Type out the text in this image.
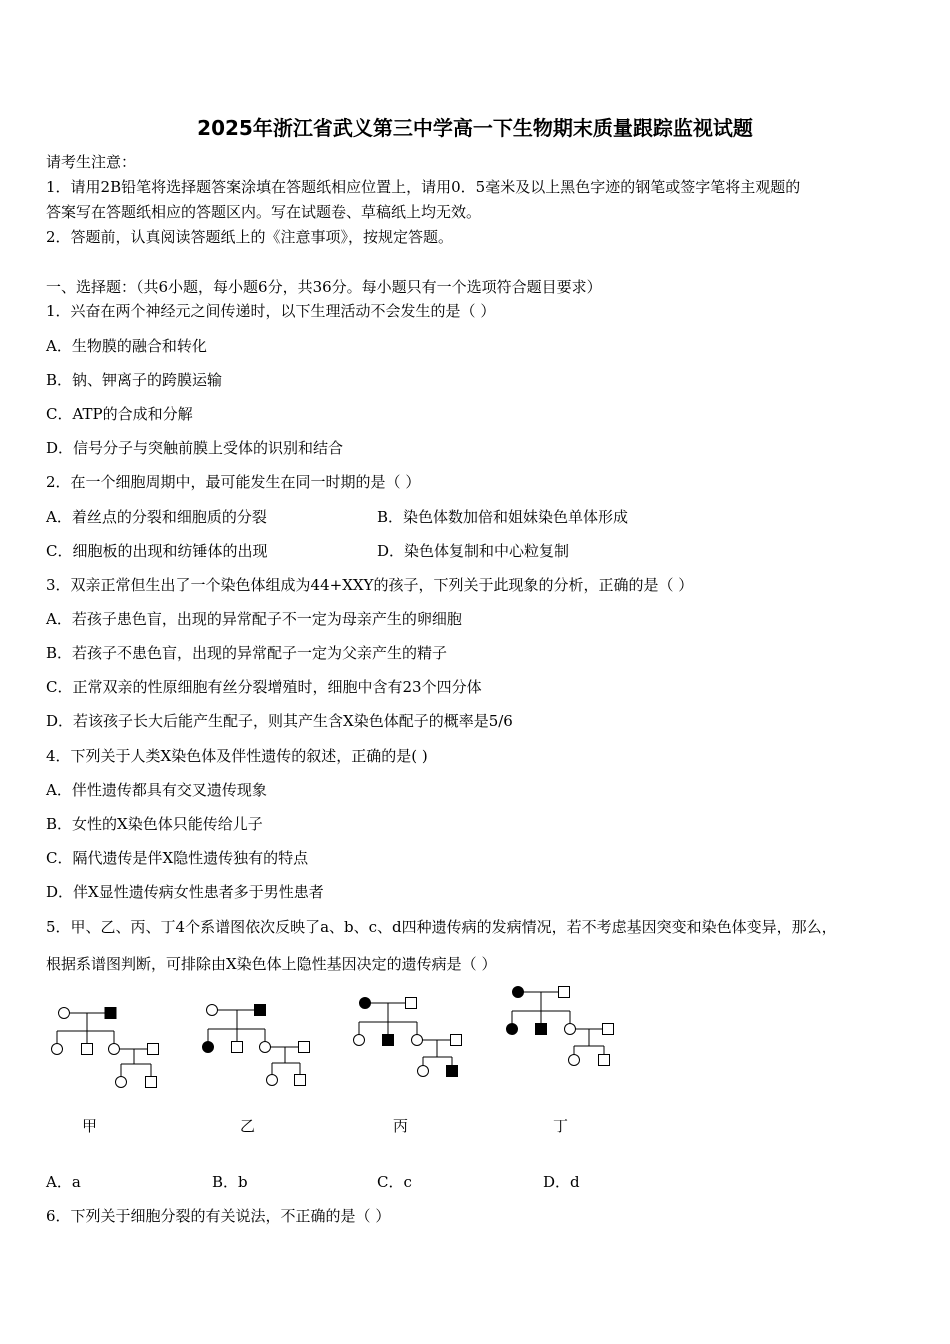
2025年浙江省武义第三中学高一下生物期末质量跟踪监视试题
请考生注意：
1．请用2B铅笔将选择题答案涂填在答题纸相应位置上，请用0．5毫米及以上黑色字迹的钢笔或签字笔将主观题的
答案写在答题纸相应的答题区内。写在试题卷、草稿纸上均无效。
2．答题前，认真阅读答题纸上的《注意事项》，按规定答题。
一、选择题：（共6小题，每小题6分，共36分。每小题只有一个选项符合题目要求）
1．兴奋在两个神经元之间传递时，以下生理活动不会发生的是（ ）
A．生物膜的融合和转化
B．钠、钾离子的跨膜运输
C．ATP的合成和分解
D．信号分子与突触前膜上受体的识别和结合
2．在一个细胞周期中，最可能发生在同一时期的是（ ）
A．着丝点的分裂和细胞质的分裂	B．染色体数加倍和姐妹染色单体形成
C．细胞板的出现和纺锤体的出现	D．染色体复制和中心粒复制
3．双亲正常但生出了一个染色体组成为44+XXY的孩子，下列关于此现象的分析，正确的是（ ）
A．若孩子患色盲，出现的异常配子不一定为母亲产生的卵细胞
B．若孩子不患色盲，出现的异常配子一定为父亲产生的精子
C．正常双亲的性原细胞有丝分裂增殖时，细胞中含有23个四分体
D．若该孩子长大后能产生配子，则其产生含X染色体配子的概率是5/6
4．下列关于人类X染色体及伴性遗传的叙述，正确的是( )
A．伴性遗传都具有交叉遗传现象
B．女性的X染色体只能传给儿子
C．隔代遗传是伴X隐性遗传独有的特点
D．伴X显性遗传病女性患者多于男性患者
5．甲、乙、丙、丁4个系谱图依次反映了a、b、c、d四种遗传病的发病情况，若不考虑基因突变和染色体变异，那么，
根据系谱图判断，可排除由X染色体上隐性基因决定的遗传病是（ ）
甲	乙	丙	丁
A．a	B．b	C．c	D．d
6．下列关于细胞分裂的有关说法，不正确的是（ ）
